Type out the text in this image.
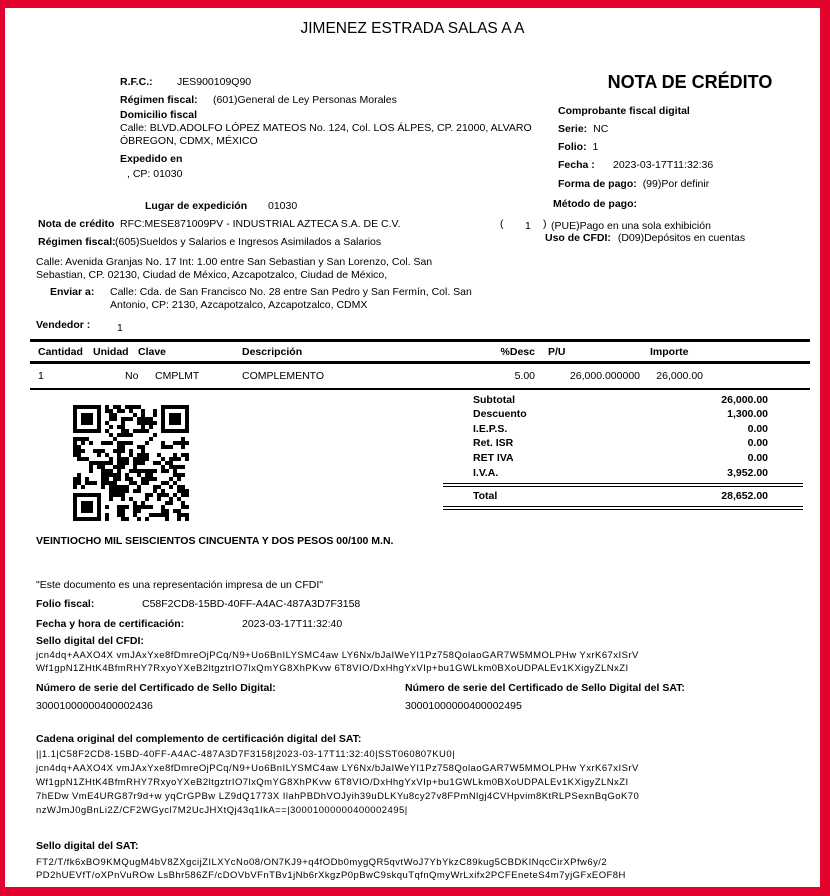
JIMENEZ ESTRADA SALAS A A
R.F.C.: JES900109Q90
Régimen fiscal: (601)General de Ley Personas Morales
Domicilio fiscal
Calle: BLVD.ADOLFO LÓPEZ MATEOS No. 124, Col. LOS ÁLPES, CP. 21000, ALVARO
ÓBREGON, CDMX, MÉXICO
Expedido en
, CP: 01030
NOTA DE CRÉDITO
Comprobante fiscal digital
Serie: NC
Folio: 1
Fecha : 2023-03-17T11:32:36
Forma de pago: (99)Por definir
Método de pago:
Uso de CFDI: (D09)Depósitos en cuentas
Lugar de expedición 01030
Nota de crédito RFC:MESE871009PV - INDUSTRIAL AZTECA S.A. DE C.V.	( 1 ) (PUE)Pago en una sola exhibición
Régimen fiscal: (605)Sueldos y Salarios e Ingresos Asimilados a Salarios
Calle: Avenida Granjas No. 17 Int: 1.00 entre San Sebastian y San Lorenzo, Col. San
Sebastian, CP. 02130, Ciudad de México, Azcapotzalco, Ciudad de México,
Enviar a: Calle: Cda. de San Francisco No. 28 entre San Pedro y San Fermín, Col. San
Antonio, CP: 2130, Azcapotzalco, Azcapotzalco, CDMX
Vendedor :	1
Cantidad Unidad Clave	Descripción	%Desc P/U	Importe
1	No CMPLMT	COMPLEMENTO	5.00	26,000.000000	26,000.00
Subtotal	26,000.00
Descuento	1,300.00
I.E.P.S.	0.00
Ret. ISR	0.00
RET IVA	0.00
I.V.A.	3,952.00
Total	28,652.00
VEINTIOCHO MIL SEISCIENTOS CINCUENTA Y DOS PESOS 00/100 M.N.
"Este documento es una representación impresa de un CFDI"
Folio fiscal:	C58F2CD8-15BD-40FF-A4AC-487A3D7F3158
Fecha y hora de certificación:	2023-03-17T11:32:40
Sello digital del CFDI:
jcn4dq+AAXO4X vmJAxYxe8fDmreOjPCq/N9+Uo6BnILYSMC4aw LY6Nx/bJaIWeYI1Pz758QolaoGAR7W5MMOLPHw YxrK67xISrV
Wf1gpN1ZHtK4BfmRHY7RxyoYXeB2ltgztrIO7lxQmYG8XhPKvw 6T8VIO/DxHhgYxVIp+bu1GWLkm0BXoUDPALEv1KXigyZLNxZI
Número de serie del Certificado de Sello Digital:	Número de serie del Certificado de Sello Digital del SAT:
30001000000400002436	30001000000400002495
Cadena original del complemento de certificación digital del SAT:
||1.1|C58F2CD8-15BD-40FF-A4AC-487A3D7F3158|2023-03-17T11:32:40|SST060807KU0|
jcn4dq+AAXO4X vmJAxYxe8fDmreOjPCq/N9+Uo6BnILYSMC4aw LY6Nx/bJaIWeYI1Pz758QolaoGAR7W5MMOLPHw YxrK67xISrV
Wf1gpN1ZHtK4BfmRHY7RxyoYXeB2ltgztrIO7lxQmYG8XhPKvw 6T8VIO/DxHhgYxVIp+bu1GWLkm0BXoUDPALEv1KXigyZLNxZI
7hEDw VmE4URG87r9d+w yqCrGPBw LZ9dQ1773X IlahPBDhVOJyih39uDLKYu8cy27v8FPmNlgj4CVHpvim8KtRLPSexnBqGoK70
nzWJmJ0gBnLi2Z/CF2WGycl7M2UcJHXtQj43q1IkA==|30001000000400002495|
Sello digital del SAT:
FT2/T/fk6xBO9KMQugM4bV8ZXgcijZILXYcNo08/ON7KJ9+q4fODb0mygQR5qvtWoJ7YbYkzC89kug5CBDKINqcCirXPfw6y/2
PD2hUEVfT/oXPnVuROw LsBhr586ZF/cDOVbVFnTBv1jNb6rXkgzP0pBwC9skquTqfnQmyWrLxifx2PCFEneteS4m7yjGFxEOF8H
